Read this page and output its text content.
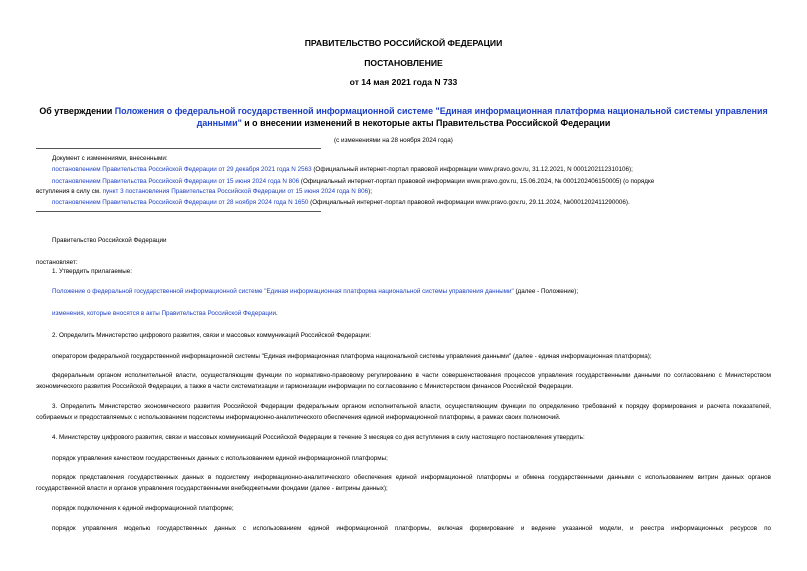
ПРАВИТЕЛЬСТВО РОССИЙСКОЙ ФЕДЕРАЦИИ
ПОСТАНОВЛЕНИЕ
от 14 мая 2021 года N 733
Об утверждении Положения о федеральной государственной информационной системе "Единая информационная платформа национальной системы управления данными" и о внесении изменений в некоторые акты Правительства Российской Федерации
(с изменениями на 28 ноября 2024 года)
Документ с изменениями, внесенными:
постановлением Правительства Российской Федерации от 29 декабря 2021 года N 2563 (Официальный интернет-портал правовой информации www.pravo.gov.ru, 31.12.2021, N 0001202112310106);
постановлением Правительства Российской Федерации от 15 июня 2024 года N 806 (Официальный интернет-портал правовой информации www.pravo.gov.ru, 15.06.2024, № 0001202406150005) (о порядке
вступления в силу см. пункт 3 постановления Правительства Российской Федерации от 15 июня 2024 года N 806);
постановлением Правительства Российской Федерации от 28 ноября 2024 года N 1650 (Официальный интернет-портал правовой информации www.pravo.gov.ru, 29.11.2024, №0001202411290006).
Правительство Российской Федерации
постановляет:
1. Утвердить прилагаемые:
Положение о федеральной государственной информационной системе "Единая информационная платформа национальной системы управления данными" (далее - Положение);
изменения, которые вносятся в акты Правительства Российской Федерации.
2. Определить Министерство цифрового развития, связи и массовых коммуникаций Российской Федерации:
оператором федеральной государственной информационной системы "Единая информационная платформа национальной системы управления данными" (далее - единая информационная платформа);
федеральным органом исполнительной власти, осуществляющим функции по нормативно-правовому регулированию в части совершенствования процессов управления государственными данными по согласованию с Министерством экономического развития Российской Федерации, а также в части систематизации и гармонизации информации по согласованию с Министерством финансов Российской Федерации.
3. Определить Министерство экономического развития Российской Федерации федеральным органом исполнительной власти, осуществляющим функции по определению требований к порядку формирования и расчета показателей, собираемых и предоставляемых с использованием подсистемы информационно-аналитического обеспечения единой информационной платформы, в рамках своих полномочий.
4. Министерству цифрового развития, связи и массовых коммуникаций Российской Федерации в течение 3 месяцев со дня вступления в силу настоящего постановления утвердить:
порядок управления качеством государственных данных с использованием единой информационной платформы;
порядок представления государственных данных в подсистему информационно-аналитического обеспечения единой информационной платформы и обмена государственными данными с использованием витрин данных органов государственной власти и органов управления государственными внебюджетными фондами (далее - витрины данных);
порядок подключения к единой информационной платформе;
порядок управления моделью государственных данных с использованием единой информационной платформы, включая формирование и ведение указанной модели, и реестра информационных ресурсов по
